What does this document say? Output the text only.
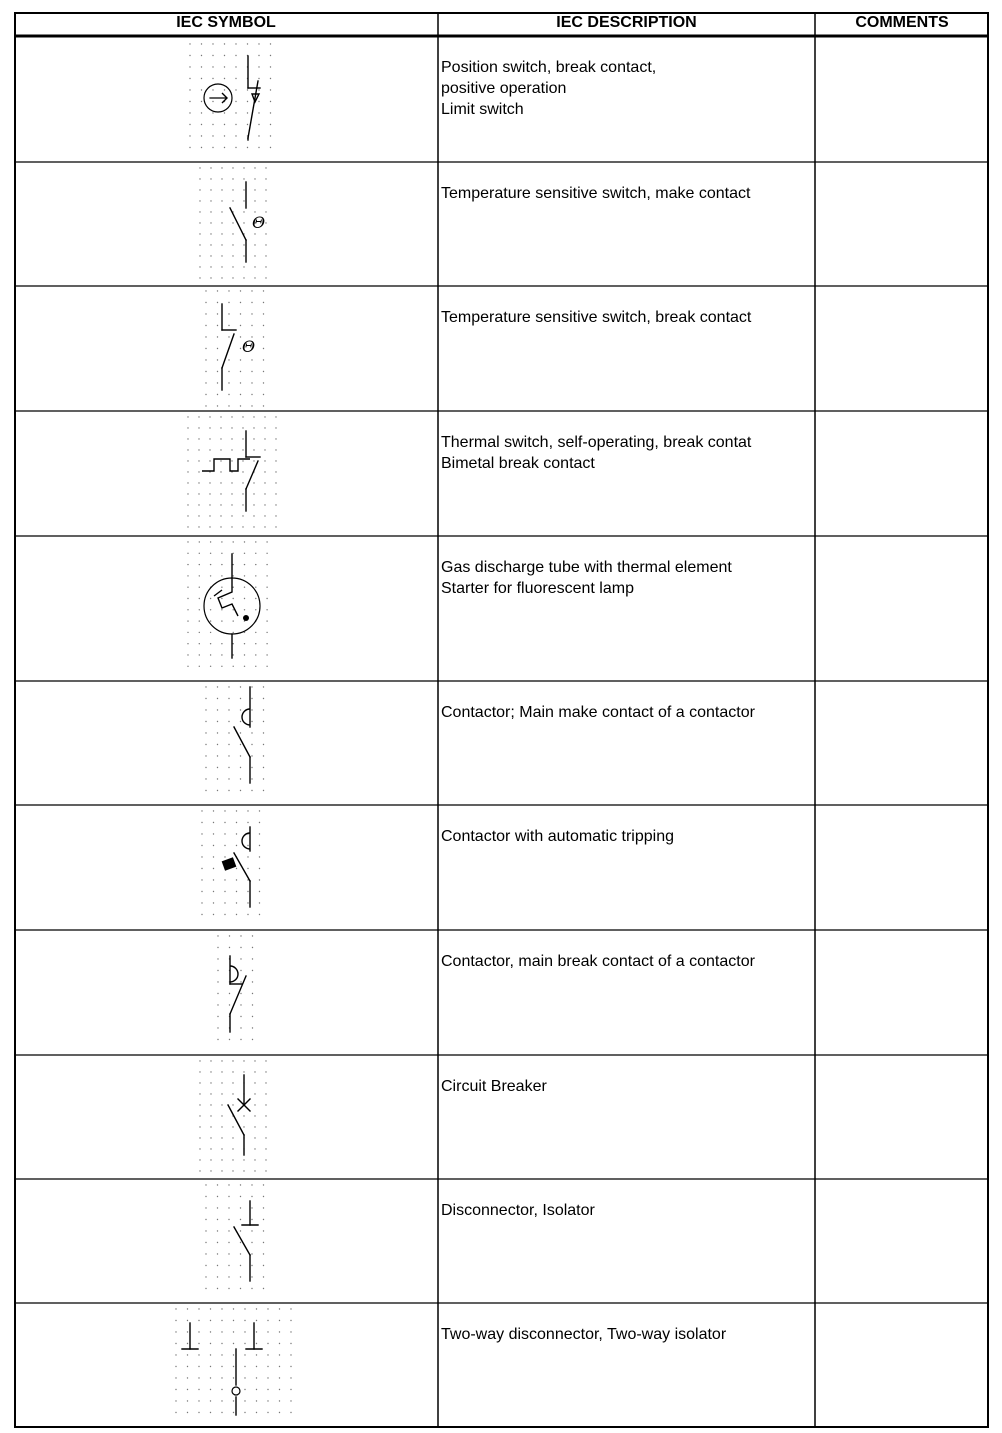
IEC SYMBOL	IEC DESCRIPTION	COMMENTS
Position switch, break contact,
positive operation
Limit switch
Θ
Temperature sensitive switch, make contact
Θ
Temperature sensitive switch, break contact
Thermal switch, self-operating, break contat
Bimetal break contact
Gas discharge tube with thermal element
Starter for fluorescent lamp
Contactor; Main make contact of a contactor
Contactor with automatic tripping
Contactor, main break contact of a contactor
Circuit Breaker
Disconnector, Isolator
Two-way disconnector, Two-way isolator
